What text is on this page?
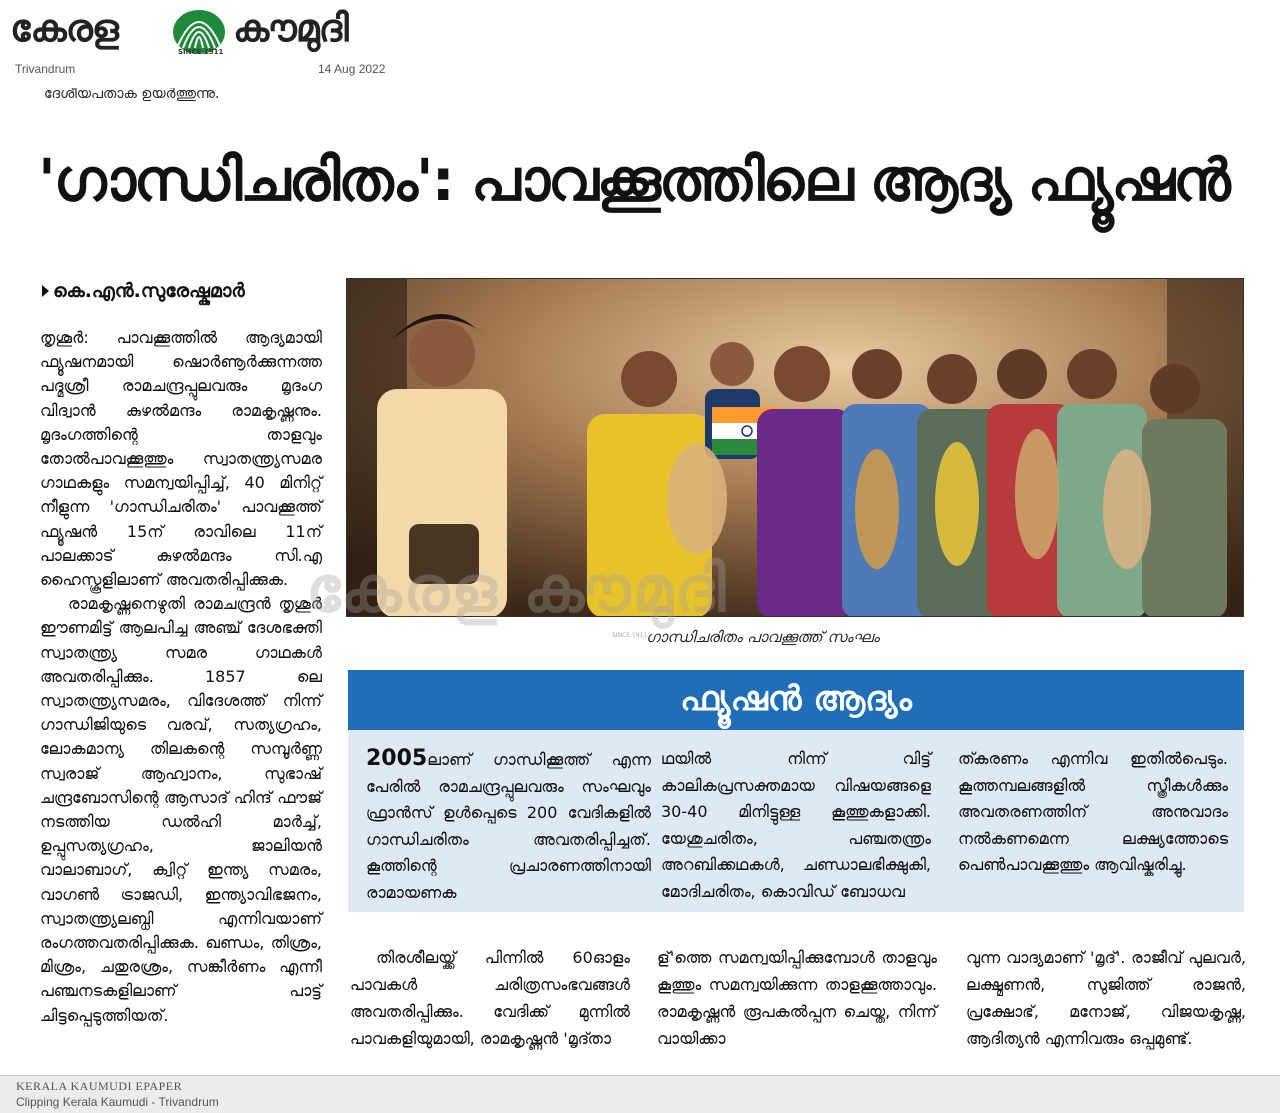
കേരള
SINCE 1911
കൗമുദി
Trivandrum	14 Aug 2022
ദേശീയപതാക ഉയർത്തുന്നു.
'ഗാന്ധിചരിതം': പാവക്കൂത്തിലെ ആദ്യ ഫ്യൂഷൻ
കെ.എൻ.സുരേഷ്കുമാർ

തൃശൂർ: പാവക്കൂത്തിൽ ആദ്യമായി ഫ്യൂഷനമായി ഷൊർണൂർക്കുന്നത്ത പദ്മശ്രീ രാമചന്ദ്രപ്പുലവരും മൃദംഗ വിദ്വാൻ കുഴൽമന്ദം രാമകൃഷ്ണനും. മൃദംഗത്തിന്റെ താളവും തോൽപാവക്കൂത്തും സ്വാതന്ത്ര്യസമര ഗാഥകളും സമന്വയിപ്പിച്ച്, 40 മിനിറ്റ് നീളുന്ന 'ഗാന്ധിചരിതം' പാവക്കൂത്ത് ഫ്യൂഷൻ 15ന് രാവിലെ 11ന് പാലക്കാട് കുഴൽമന്ദം സി.എ ഹൈസ്കൂളിലാണ് അവതരിപ്പിക്കുക.

രാമകൃഷ്ണനെഴുതി രാമചന്ദ്രൻ തൃശൂർ ഈണമിട്ട് ആലപിച്ച അഞ്ച് ദേശഭക്തി സ്വാതന്ത്ര്യ സമര ഗാഥകൾ അവതരിപ്പിക്കും. 1857 ലെ സ്വാതന്ത്ര്യസമരം, വിദേശത്ത് നിന്ന് ഗാന്ധിജിയുടെ വരവ്, സത്യഗ്രഹം, ലോകമാന്യ തിലകന്റെ സമ്പൂർണ്ണ സ്വരാജ് ആഹ്വാനം, സുഭാഷ് ചന്ദ്രബോസിന്റെ ആസാദ് ഹിന്ദ് ഫൗജ് നടത്തിയ ഡൽഹി മാർച്ച്, ഉപ്പുസത്യഗ്രഹം, ജാലിയൻ വാലാബാഗ്, ക്വിറ്റ് ഇന്ത്യ സമരം, വാഗൺ ട്രാജഡി, ഇന്ത്യാവിഭജനം, സ്വാതന്ത്ര്യലബ്ധി എന്നിവയാണ് രംഗത്തവതരിപ്പിക്കുക. ഖണ്ഡം, തിശ്രം, മിശ്രം, ചതുരശ്രം, സങ്കീർണം എന്നീ പഞ്ചനടകളിലാണ് പാട്ട് ചിട്ടപ്പെടുത്തിയത്.

കേരള കൗമുദി
SINCE 1911
ഗാന്ധിചരിതം പാവക്കൂത്ത് സംഘം
ഫ്യൂഷൻ ആദ്യം
2005ലാണ് ഗാന്ധിക്കൂത്ത് എന്ന പേരിൽ രാമചന്ദ്രപ്പുലവരും സംഘവും ഫ്രാൻസ് ഉൾപ്പെടെ 200 വേദികളിൽ ഗാന്ധിചരിതം അവതരിപ്പിച്ചത്. കൂത്തിന്റെ പ്രചാരണത്തിനായി രാമായണക
ഥയിൽ നിന്ന് വിട്ട് കാലികപ്രസക്തമായ വിഷയങ്ങളെ 30-40 മിനിട്ടുള്ള കൂത്തുകളാക്കി. യേശുചരിതം, പഞ്ചതന്ത്രം അറബിക്കഥകൾ, ചണ്ഡാലഭിക്ഷുകി, മോദിചരിതം, കൊവിഡ് ബോധവ
ത്കരണം എന്നിവ ഇതിൽപെടും. കൂത്തമ്പലങ്ങളിൽ സ്ത്രീകൾക്കും അവതരണത്തിന് അനുവാദം നൽകണമെന്ന ലക്ഷ്യത്തോടെ പെൺപാവക്കൂത്തും ആവിഷ്കരിച്ചു.
തിരശീലയ്ക്ക് പിന്നിൽ 60ഓളം പാവകൾ ചരിത്രസംഭവങ്ങൾ അവതരിപ്പിക്കും. വേദിക്ക് മുന്നിൽ പാവകളിയുമായി, രാമകൃഷ്ണൻ 'മൃദ്താ
ള്'ത്തെ സമന്വയിപ്പിക്കുമ്പോൾ താളവും കൂത്തും സമന്വയിക്കുന്ന താളക്കൂത്താവും. രാമകൃഷ്ണൻ രൂപകൽപ്പന ചെയ്ത, നിന്ന് വായിക്കാ
വുന്ന വാദ്യമാണ് 'മൃദ്'. രാജീവ് പുലവർ, ലക്ഷ്മണൻ, സുജിത്ത് രാജൻ, പ്രക്ഷോഭ്, മനോജ്, വിജയകൃഷ്ണ, ആദിത്യൻ എന്നിവരും ഒപ്പമുണ്ട്.
KERALA KAUMUDI EPAPER
Clipping Kerala Kaumudi - Trivandrum
